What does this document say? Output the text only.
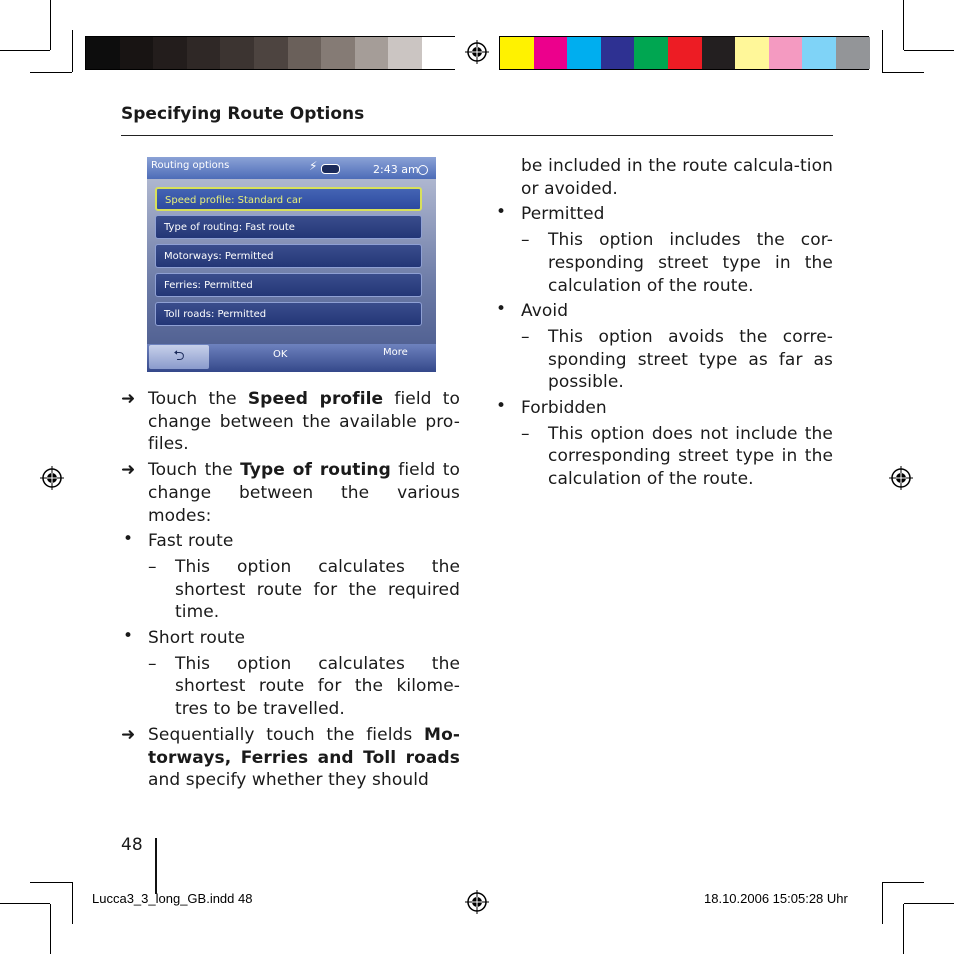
Specifying Route Options
Routing options	⚡	2:43 am
Speed profile: Standard car
Type of routing: Fast route
Motorways: Permitted
Ferries: Permitted
Toll roads: Permitted
⮌	OK	More
➜ Touch the Speed profile field to change between the available pro-files.
➜ Touch the Type of routing field to change between the various modes:
• Fast route
– This option calculates the shortest route for the required time.
• Short route
– This option calculates the shortest route for the kilome-tres to be travelled.
➜ Sequentially touch the fields Mo-torways, Ferries and Toll roads and specify whether they should
be included in the route calcula-tion or avoided.
• Permitted
– This option includes the cor-responding street type in the calculation of the route.
• Avoid
– This option avoids the corre-sponding street type as far as possible.
• Forbidden
– This option does not include the corresponding street type in the calculation of the route.
48
Lucca3_3_long_GB.indd 48	18.10.2006 15:05:28 Uhr
